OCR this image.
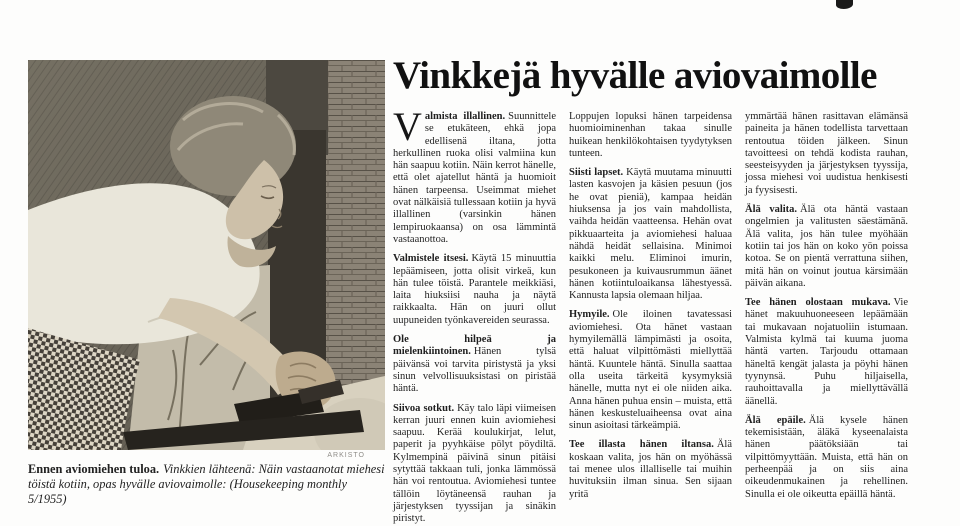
ARKISTO
Ennen aviomiehen tuloa. Vinkkien lähteenä: Näin vastaanotat miehesi töistä kotiin, opas hyvälle aviovaimolle: (Housekeeping monthly 5/1955)
Vinkkejä hyvälle aviovaimolle

Valmista illallinen. Suunnittele se etukäteen, ehkä jopa edellisenä iltana, jotta herkullinen ruoka olisi valmiina kun hän saapuu kotiin. Näin kerrot hänelle, että olet ajatellut häntä ja huomioit hänen tarpeensa. Useimmat miehet ovat nälkäisiä tullessaan kotiin ja hyvä illallinen (varsinkin hänen lempiruokaansa) on osa lämmintä vastaanottoa.

Valmistele itsesi. Käytä 15 minuuttia lepäämiseen, jotta olisit virkeä, kun hän tulee töistä. Parantele meikkiäsi, laita hiuksiisi nauha ja näytä raikkaalta. Hän on juuri ollut uupuneiden työnkavereiden seurassa.

Ole hilpeä ja mielenkiintoinen. Hänen tylsä päivänsä voi tarvita piristystä ja yksi sinun velvollisuuksistasi on piristää häntä.

Siivoa sotkut. Käy talo läpi viimeisen kerran juuri ennen kuin aviomiehesi saapuu. Kerää koulukirjat, lelut, paperit ja pyyhkäise pölyt pöydiltä. Kylmempinä päivinä sinun pitäisi sytyttää takkaan tuli, jonka lämmössä hän voi rentoutua. Aviomiehesi tuntee tällöin löytäneensä rauhan ja järjestyksen tyyssijan ja sinäkin piristyt.

Loppujen lopuksi hänen tarpeidensa huomioiminenhan takaa sinulle huikean henkilökohtaisen tyydytyksen tunteen.

Siisti lapset. Käytä muutama minuutti lasten kasvojen ja käsien pesuun (jos he ovat pieniä), kampaa heidän hiuksensa ja jos vain mahdollista, vaihda heidän vaatteensa. Hehän ovat pikkuaarteita ja aviomiehesi haluaa nähdä heidät sellaisina. Minimoi kaikki melu. Eliminoi imurin, pesukoneen ja kuivausrummun äänet hänen kotiintuloaikansa lähestyessä. Kannusta lapsia olemaan hiljaa.

Hymyile. Ole iloinen tavatessasi aviomiehesi. Ota hänet vastaan hymyilemällä lämpimästi ja osoita, että haluat vilpittömästi miellyttää häntä. Kuuntele häntä. Sinulla saattaa olla useita tärkeitä kysymyksiä hänelle, mutta nyt ei ole niiden aika. Anna hänen puhua ensin – muista, että hänen keskusteluaiheensa ovat aina sinun asioitasi tärkeämpiä.

Tee illasta hänen iltansa. Älä koskaan valita, jos hän on myöhässä tai menee ulos illalliselle tai muihin huvituksiin ilman sinua. Sen sijaan yritä

ymmärtää hänen rasittavan elämänsä paineita ja hänen todellista tarvettaan rentoutua töiden jälkeen. Sinun tavoitteesi on tehdä kodista rauhan, seesteisyyden ja järjestyksen tyyssija, jossa miehesi voi uudistua henkisesti ja fyysisesti.

Älä valita. Älä ota häntä vastaan ongelmien ja valitusten säestämänä. Älä valita, jos hän tulee myöhään kotiin tai jos hän on koko yön poissa kotoa. Se on pientä verrattuna siihen, mitä hän on voinut joutua kärsimään päivän aikana.

Tee hänen olostaan mukava. Vie hänet makuuhuoneeseen lepäämään tai mukavaan nojatuoliin istumaan. Valmista kylmä tai kuuma juoma häntä varten. Tarjoudu ottamaan häneltä kengät jalasta ja pöyhi hänen tyynynsä. Puhu hiljaisella, rauhoittavalla ja miellyttävällä äänellä.

Älä epäile. Älä kysele hänen tekemisistään, äläkä kyseenalaista hänen päätöksiään tai vilpittömyyttään. Muista, että hän on perheenpää ja on siis aina oikeudenmukainen ja rehellinen. Sinulla ei ole oikeutta epäillä häntä.
